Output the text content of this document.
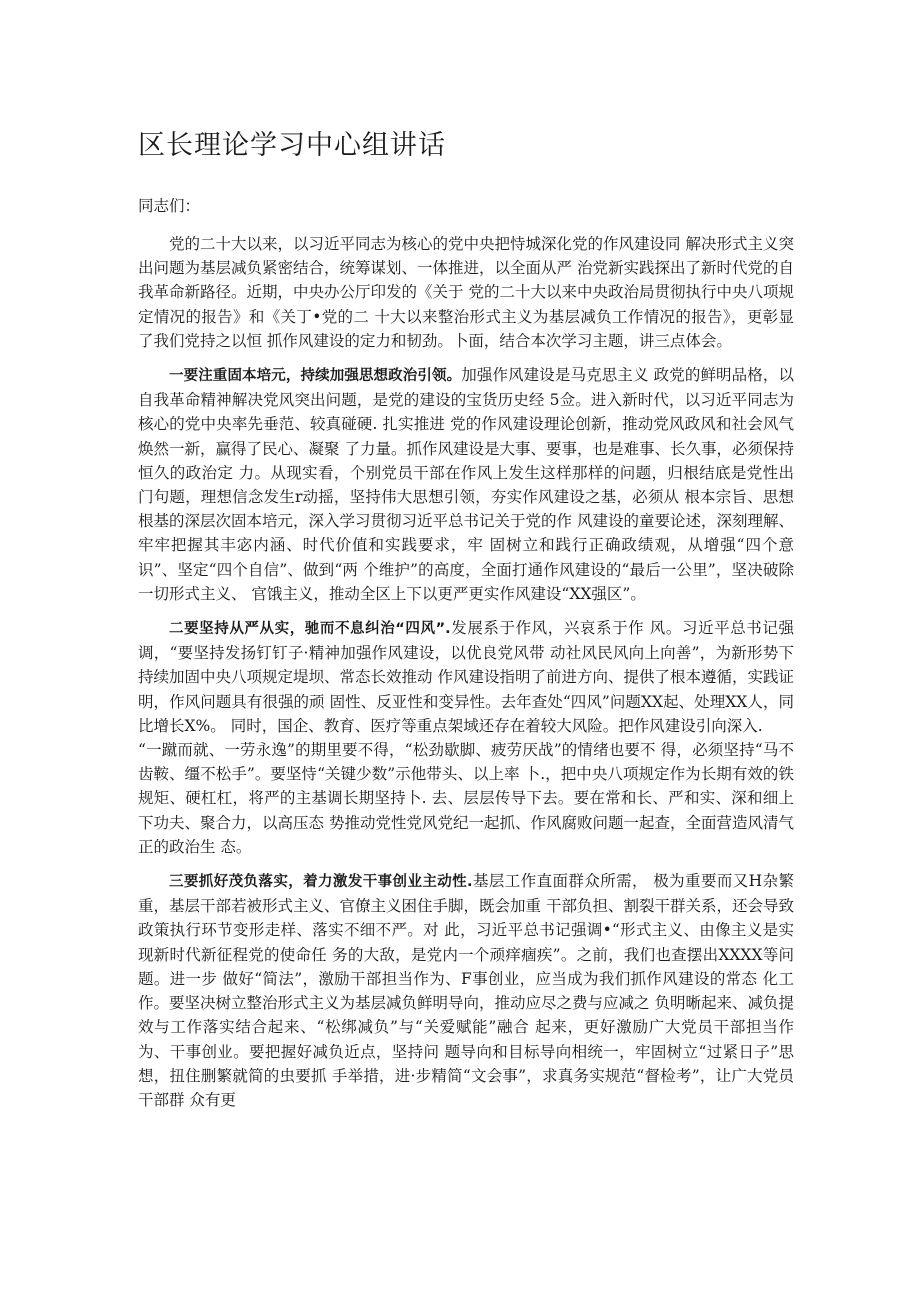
区长理论学习中心组讲话
同志们：

党的二十大以来，以习近平同志为核心的党中央把恃城深化党的作风建设同 解决形式主义突出问题为基层减负紧密结合，统筹谋划、一体推进，以全面从严 治党新实践探出了新时代党的自我革命新路径。近期，中央办公厅印发的《关于 党的二十大以来中央政治局贯彻执行中央八项规定情况的报告》和《关丁•党的二 十大以来整治形式主义为基层减负工作情况的报告》，更彰显了我们党持之以恒 抓作风建设的定力和韧劲。卜面，结合本次学习主题，讲三点体会。

一要注重固本培元，持续加强思想政治引领。加强作风建设是马克思主义 政党的鲜明品格，以自我革命精神解决党风突出问题，是党的建设的宝货历史经 5佥。进入新时代，以习近平同志为核心的党中央率先垂范、较真碰硬. 扎实推进 党的作风建设理论创新，推动党风政风和社会风气焕然一新，赢得了民心、凝聚 了力量。抓作风建设是大事、要事，也是难事、长久事，必须保持恒久的政治定 力。从现实看，个别党员干部在作风上发生这样那样的问题，归根结底是党性出 门句题，理想信念发生r动摇，坚持伟大思想引领，夯实作风建设之基，必须从 根本宗旨、思想根基的深层次固本培元，深入学习贯彻习近平总书记关于党的作 风建设的童要论述，深刻理解、牢牢把握其丰宓内涵、时代价值和实践要求，牢 固树立和践行正确政绩观，从增强“四个意识”、坚定“四个自信”、做到“两 个维护”的高度，全面打通作风建设的“最后一公里”，坚决破除一切形式主义、 官饿主义，推动全区上下以更严更实作风建设“XX强区”。

二要坚持从严从实，驰而不息纠治“四风”.发展系于作风，兴哀系于作 风。习近平总书记强调，“要坚持发扬钉钉子·精神加强作风建设，以优良党风带 动社风民风向上向善”，为新形势下持续加固中央八项规定堤坝、常态长效推动 作风建设指明了前进方向、提供了根本遵循，实践证明，作风问题具有很强的顽 固性、反亚性和变异性。去年查处“四风”问题XX起、处理XX人，同比增长X%。 同时，国企、教育、医疗等重点架域还存在着较大风险。把作风建设引向深入.

“一蹴而就、一劳永逸”的期里要不得，“松劲歇脚、疲劳厌战”的情绪也要不 得，必须坚持“马不齿鞍、缰不松手”。要坚恃“关键少数”示他带头、以上率 卜.，把中央八项规定作为长期有效的铁规矩、硬杠杠，将严的主基调长期坚持卜. 去、层层传导下去。要在常和长、严和实、深和细上下功夫、聚合力，以高压态 势推动党性党风党纪一起抓、作风腐败问题一起查，全面营造风清气正的政治生 态。

三要抓好茂负落实，着力激发干事创业主动性.基层工作直面群众所需， 极为重要而又H杂繁重，基层干部若被形式主义、官僚主义困住手脚，既会加重 干部负担、割裂干群关系，还会导致政策执行环节变形走样、落实不细不严。对 此，习近平总书记强调•“形式主义、由像主义是实现新时代新征程党的使命任 务的大敌，是党内一个顽痒痼疾”。之前，我们也查摆出XXXX等问题。进一步 做好“简法”，激励干部担当作为、F事创业，应当成为我们抓作风建设的常态 化工作。要坚决树立整治形式主义为基层减负鲜明导向，推动应尽之费与应减之 负明晰起来、减负提效与工作落实结合起来、“松绑减负”与“关爱赋能”融合 起来，更好激励广大党员干部担当作为、干事创业。要把握好减负近点，坚持问 题导向和目标导向相统一，牢固树立“过紧日子”思想，扭住删繁就简的虫要抓 手举措，进·步精简“文会事”，求真务实规范“督检考”，让广大党员干部群 众有更
